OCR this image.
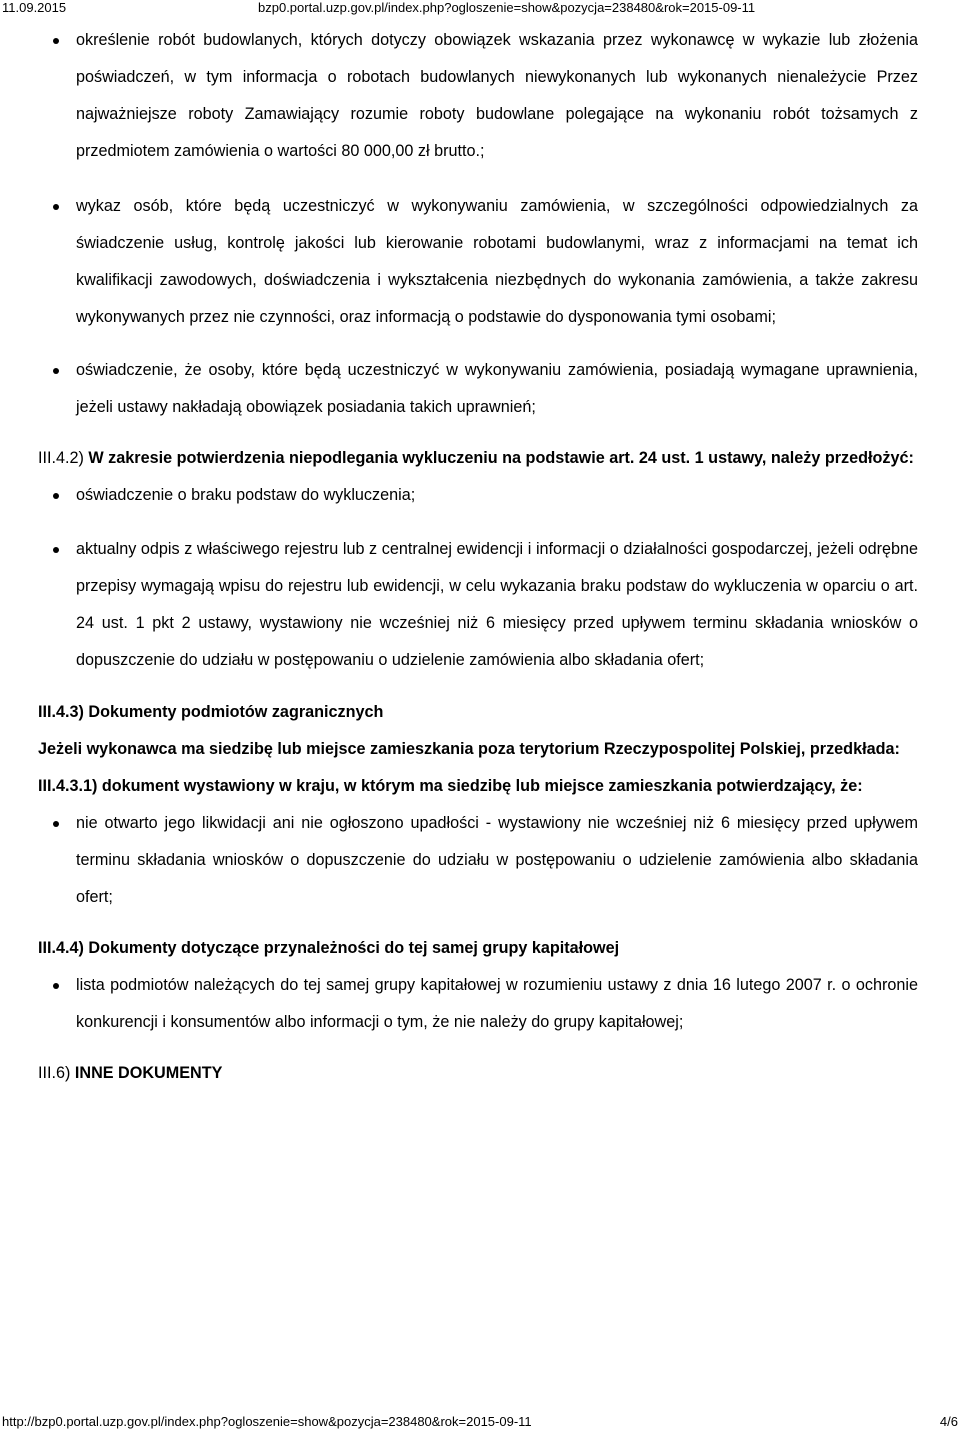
11.09.2015	bzp0.portal.uzp.gov.pl/index.php?ogloszenie=show&pozycja=238480&rok=2015-09-11
określenie robót budowlanych, których dotyczy obowiązek wskazania przez wykonawcę w wykazie lub złożenia poświadczeń, w tym informacja o robotach budowlanych niewykonanych lub wykonanych nienależycie Przez najważniejsze roboty Zamawiający rozumie roboty budowlane polegające na wykonaniu robót tożsamych z przedmiotem zamówienia o wartości 80 000,00 zł brutto.;
wykaz osób, które będą uczestniczyć w wykonywaniu zamówienia, w szczególności odpowiedzialnych za świadczenie usług, kontrolę jakości lub kierowanie robotami budowlanymi, wraz z informacjami na temat ich kwalifikacji zawodowych, doświadczenia i wykształcenia niezbędnych do wykonania zamówienia, a także zakresu wykonywanych przez nie czynności, oraz informacją o podstawie do dysponowania tymi osobami;
oświadczenie, że osoby, które będą uczestniczyć w wykonywaniu zamówienia, posiadają wymagane uprawnienia, jeżeli ustawy nakładają obowiązek posiadania takich uprawnień;
III.4.2) W zakresie potwierdzenia niepodlegania wykluczeniu na podstawie art. 24 ust. 1 ustawy, należy przedłożyć:
oświadczenie o braku podstaw do wykluczenia;
aktualny odpis z właściwego rejestru lub z centralnej ewidencji i informacji o działalności gospodarczej, jeżeli odrębne przepisy wymagają wpisu do rejestru lub ewidencji, w celu wykazania braku podstaw do wykluczenia w oparciu o art. 24 ust. 1 pkt 2 ustawy, wystawiony nie wcześniej niż 6 miesięcy przed upływem terminu składania wniosków o dopuszczenie do udziału w postępowaniu o udzielenie zamówienia albo składania ofert;
III.4.3) Dokumenty podmiotów zagranicznych
Jeżeli wykonawca ma siedzibę lub miejsce zamieszkania poza terytorium Rzeczypospolitej Polskiej, przedkłada:
III.4.3.1) dokument wystawiony w kraju, w którym ma siedzibę lub miejsce zamieszkania potwierdzający, że:
nie otwarto jego likwidacji ani nie ogłoszono upadłości - wystawiony nie wcześniej niż 6 miesięcy przed upływem terminu składania wniosków o dopuszczenie do udziału w postępowaniu o udzielenie zamówienia albo składania ofert;
III.4.4) Dokumenty dotyczące przynależności do tej samej grupy kapitałowej
lista podmiotów należących do tej samej grupy kapitałowej w rozumieniu ustawy z dnia 16 lutego 2007 r. o ochronie konkurencji i konsumentów albo informacji o tym, że nie należy do grupy kapitałowej;
III.6) INNE DOKUMENTY
http://bzp0.portal.uzp.gov.pl/index.php?ogloszenie=show&pozycja=238480&rok=2015-09-11	4/6
